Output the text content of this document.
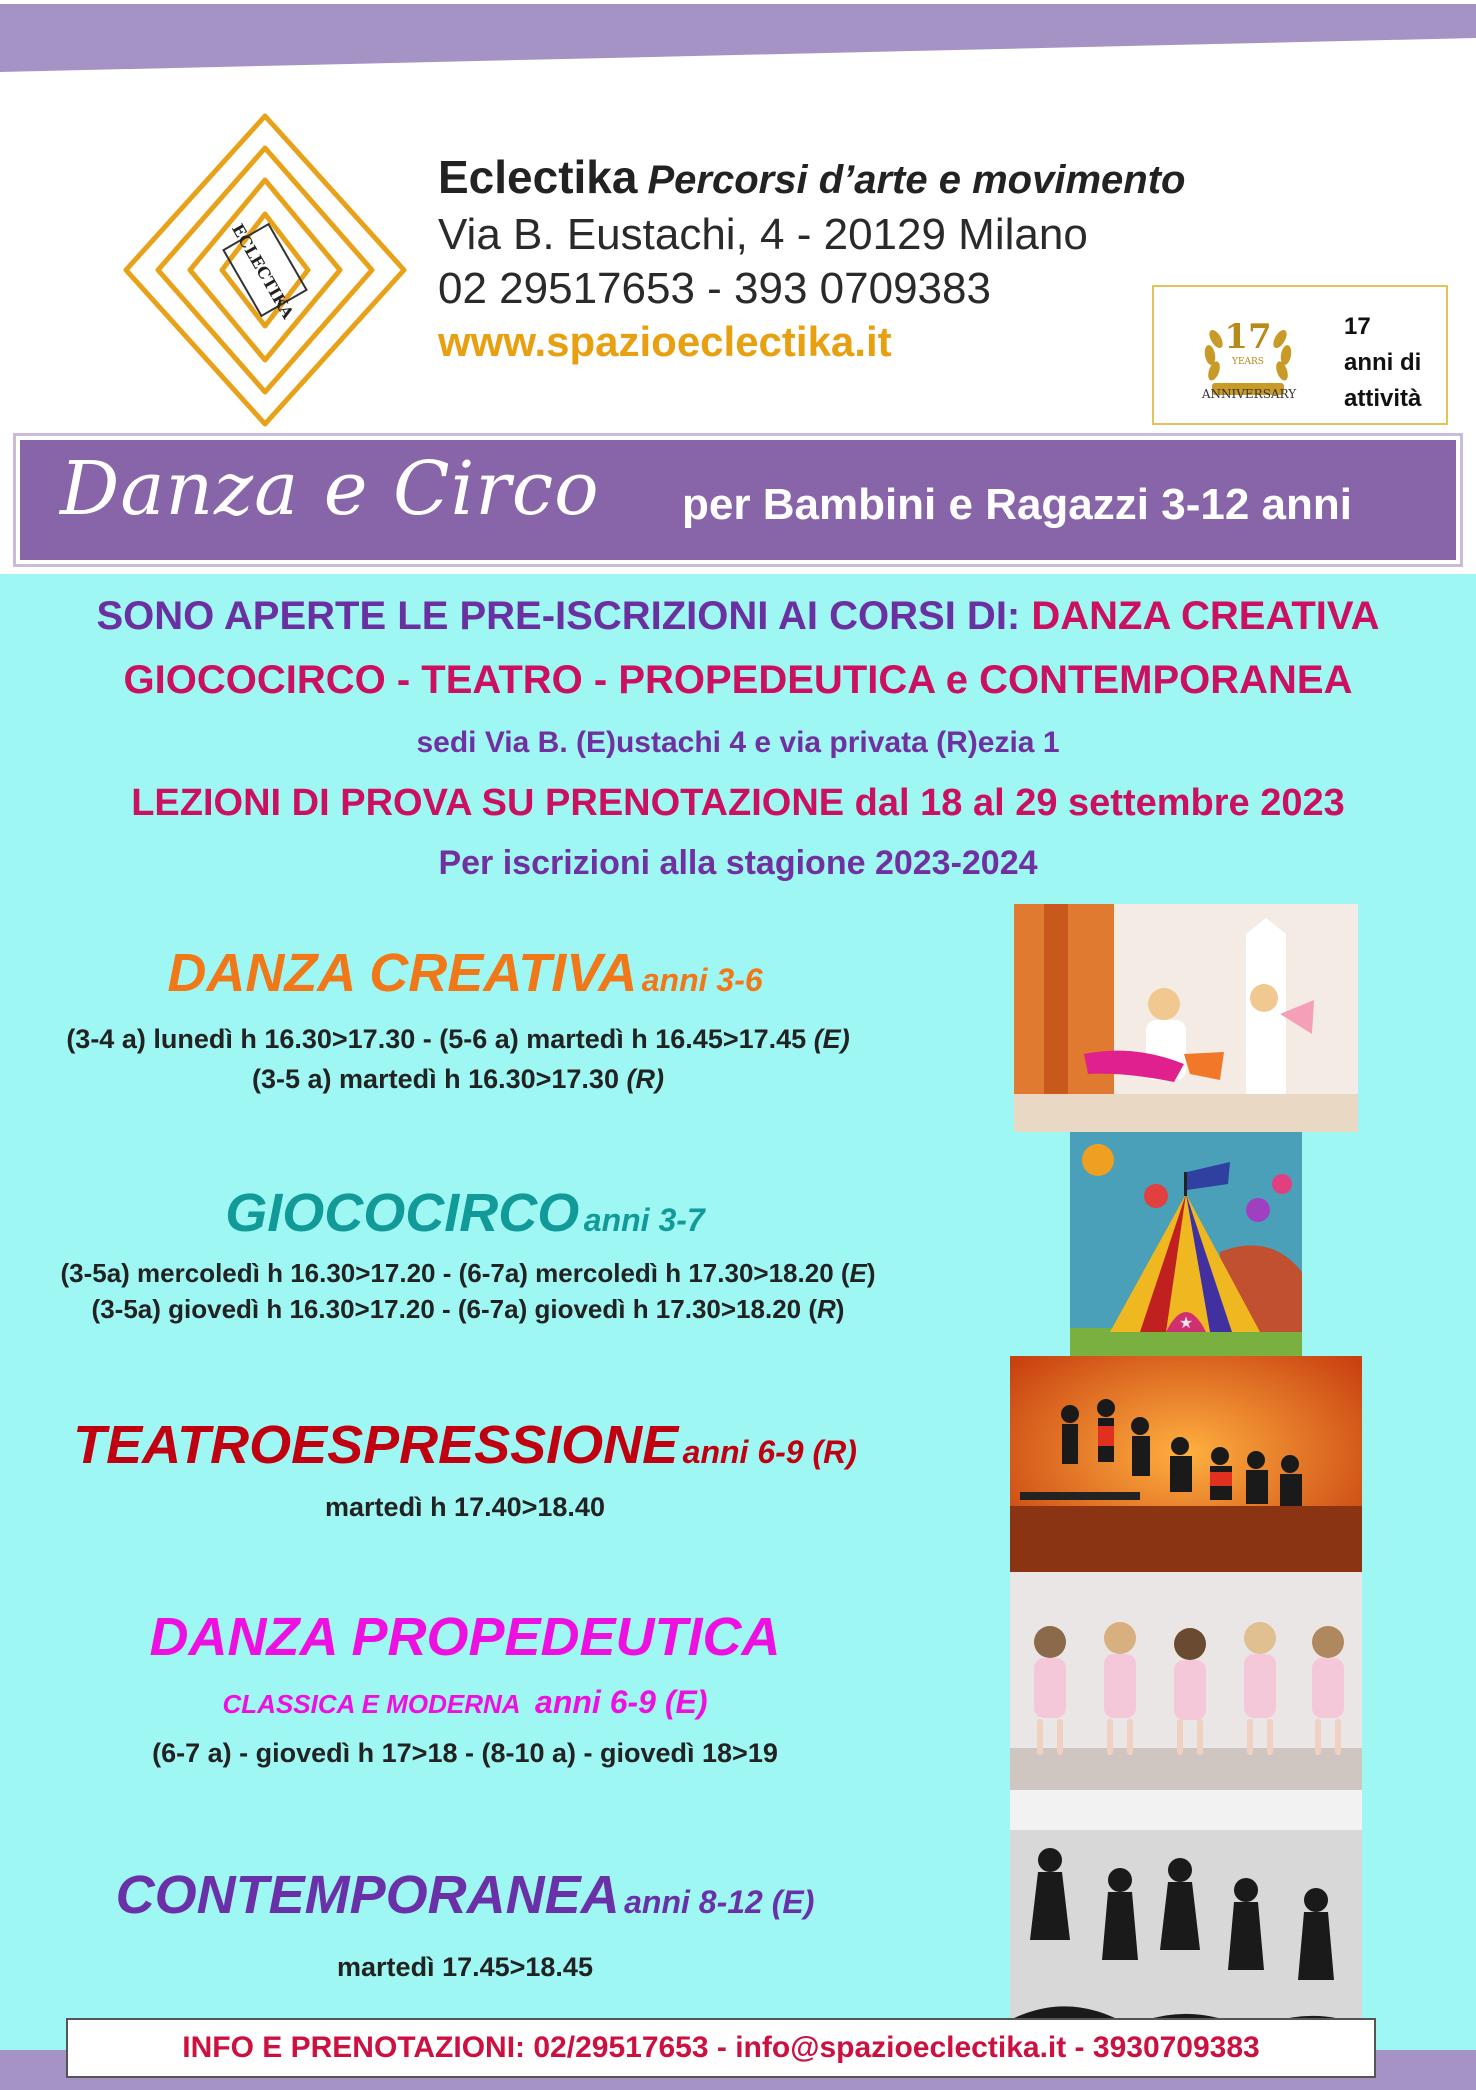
ECLECTIKA
Eclectika Percorsi d’arte e movimento
Via B. Eustachi, 4 - 20129 Milano
02 29517653 - 393 0709383
www.spazioeclectika.it	17
YEARS
ANNIVERSARY
17
anni di
attività
Danza e Circo per Bambini e Ragazzi 3-12 anni
SONO APERTE LE PRE-ISCRIZIONI AI CORSI DI: DANZA CREATIVA
GIOCOCIRCO - TEATRO - PROPEDEUTICA e CONTEMPORANEA
sedi Via B. (E)ustachi 4 e via privata (R)ezia 1
LEZIONI DI PROVA SU PRENOTAZIONE dal 18 al 29 settembre 2023
Per iscrizioni alla stagione 2023-2024
DANZA CREATIVA anni 3-6
(3-4 a) lunedì h 16.30>17.30 - (5-6 a) martedì h 16.45>17.45 (E)
(3-5 a) martedì h 16.30>17.30 (R)
GIOCOCIRCO anni 3-7
(3-5a) mercoledì h 16.30>17.20 - (6-7a) mercoledì h 17.30>18.20 (E)
(3-5a) giovedì h 16.30>17.20 - (6-7a) giovedì h 17.30>18.20 (R)
TEATROESPRESSIONE anni 6-9 (R)
martedì h 17.40>18.40
DANZA PROPEDEUTICA
CLASSICA E MODERNA anni 6-9 (E)
(6-7 a) - giovedì h 17>18 - (8-10 a) - giovedì 18>19
CONTEMPORANEA anni 8-12 (E)
martedì 17.45>18.45
★
INFO E PRENOTAZIONI: 02/29517653 - info@spazioeclectika.it - 3930709383
